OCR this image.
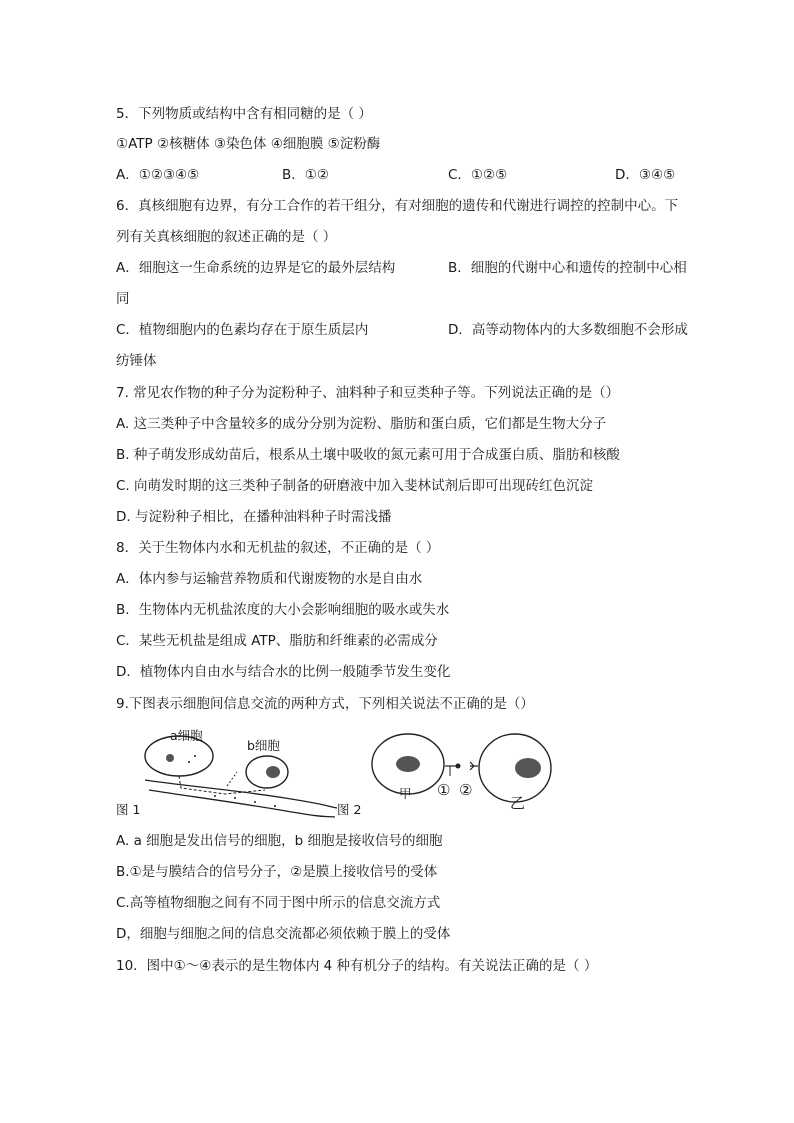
5．下列物质或结构中含有相同糖的是（ ）
①ATP ②核糖体 ③染色体 ④细胞膜 ⑤淀粉酶
A．①②③④⑤	B．①②	C．①②⑤	D．③④⑤
6．真核细胞有边界，有分工合作的若干组分，有对细胞的遗传和代谢进行调控的控制中心。下
列有关真核细胞的叙述正确的是（ ）
A．细胞这一生命系统的边界是它的最外层结构	B．细胞的代谢中心和遗传的控制中心相
同
C．植物细胞内的色素均存在于原生质层内	D．高等动物体内的大多数细胞不会形成
纺锤体
7. 常见农作物的种子分为淀粉种子、油料种子和豆类种子等。下列说法正确的是（）
A. 这三类种子中含量较多的成分分别为淀粉、脂肪和蛋白质，它们都是生物大分子
B. 种子萌发形成幼苗后，根系从土壤中吸收的氮元素可用于合成蛋白质、脂肪和核酸
C. 向萌发时期的这三类种子制备的研磨液中加入斐林试剂后即可出现砖红色沉淀
D. 与淀粉种子相比，在播种油料种子时需浅播
8．关于生物体内水和无机盐的叙述，不正确的是（ ）
A．体内参与运输营养物质和代谢废物的水是自由水
B．生物体内无机盐浓度的大小会影响细胞的吸水或失水
C．某些无机盐是组成 ATP、脂肪和纤维素的必需成分
D．植物体内自由水与结合水的比例一般随季节发生变化
9.下图表示细胞间信息交流的两种方式，下列相关说法不正确的是（）
a细胞
b细胞
图 1
① ②
甲
乙
图 2
A. a 细胞是发出信号的细胞，b 细胞是接收信号的细胞
B.①是与膜结合的信号分子，②是膜上接收信号的受体
C.高等植物细胞之间有不同于图中所示的信息交流方式
D，细胞与细胞之间的信息交流都必须依赖于膜上的受体
10．图中①～④表示的是生物体内 4 种有机分子的结构。有关说法正确的是（ ）
